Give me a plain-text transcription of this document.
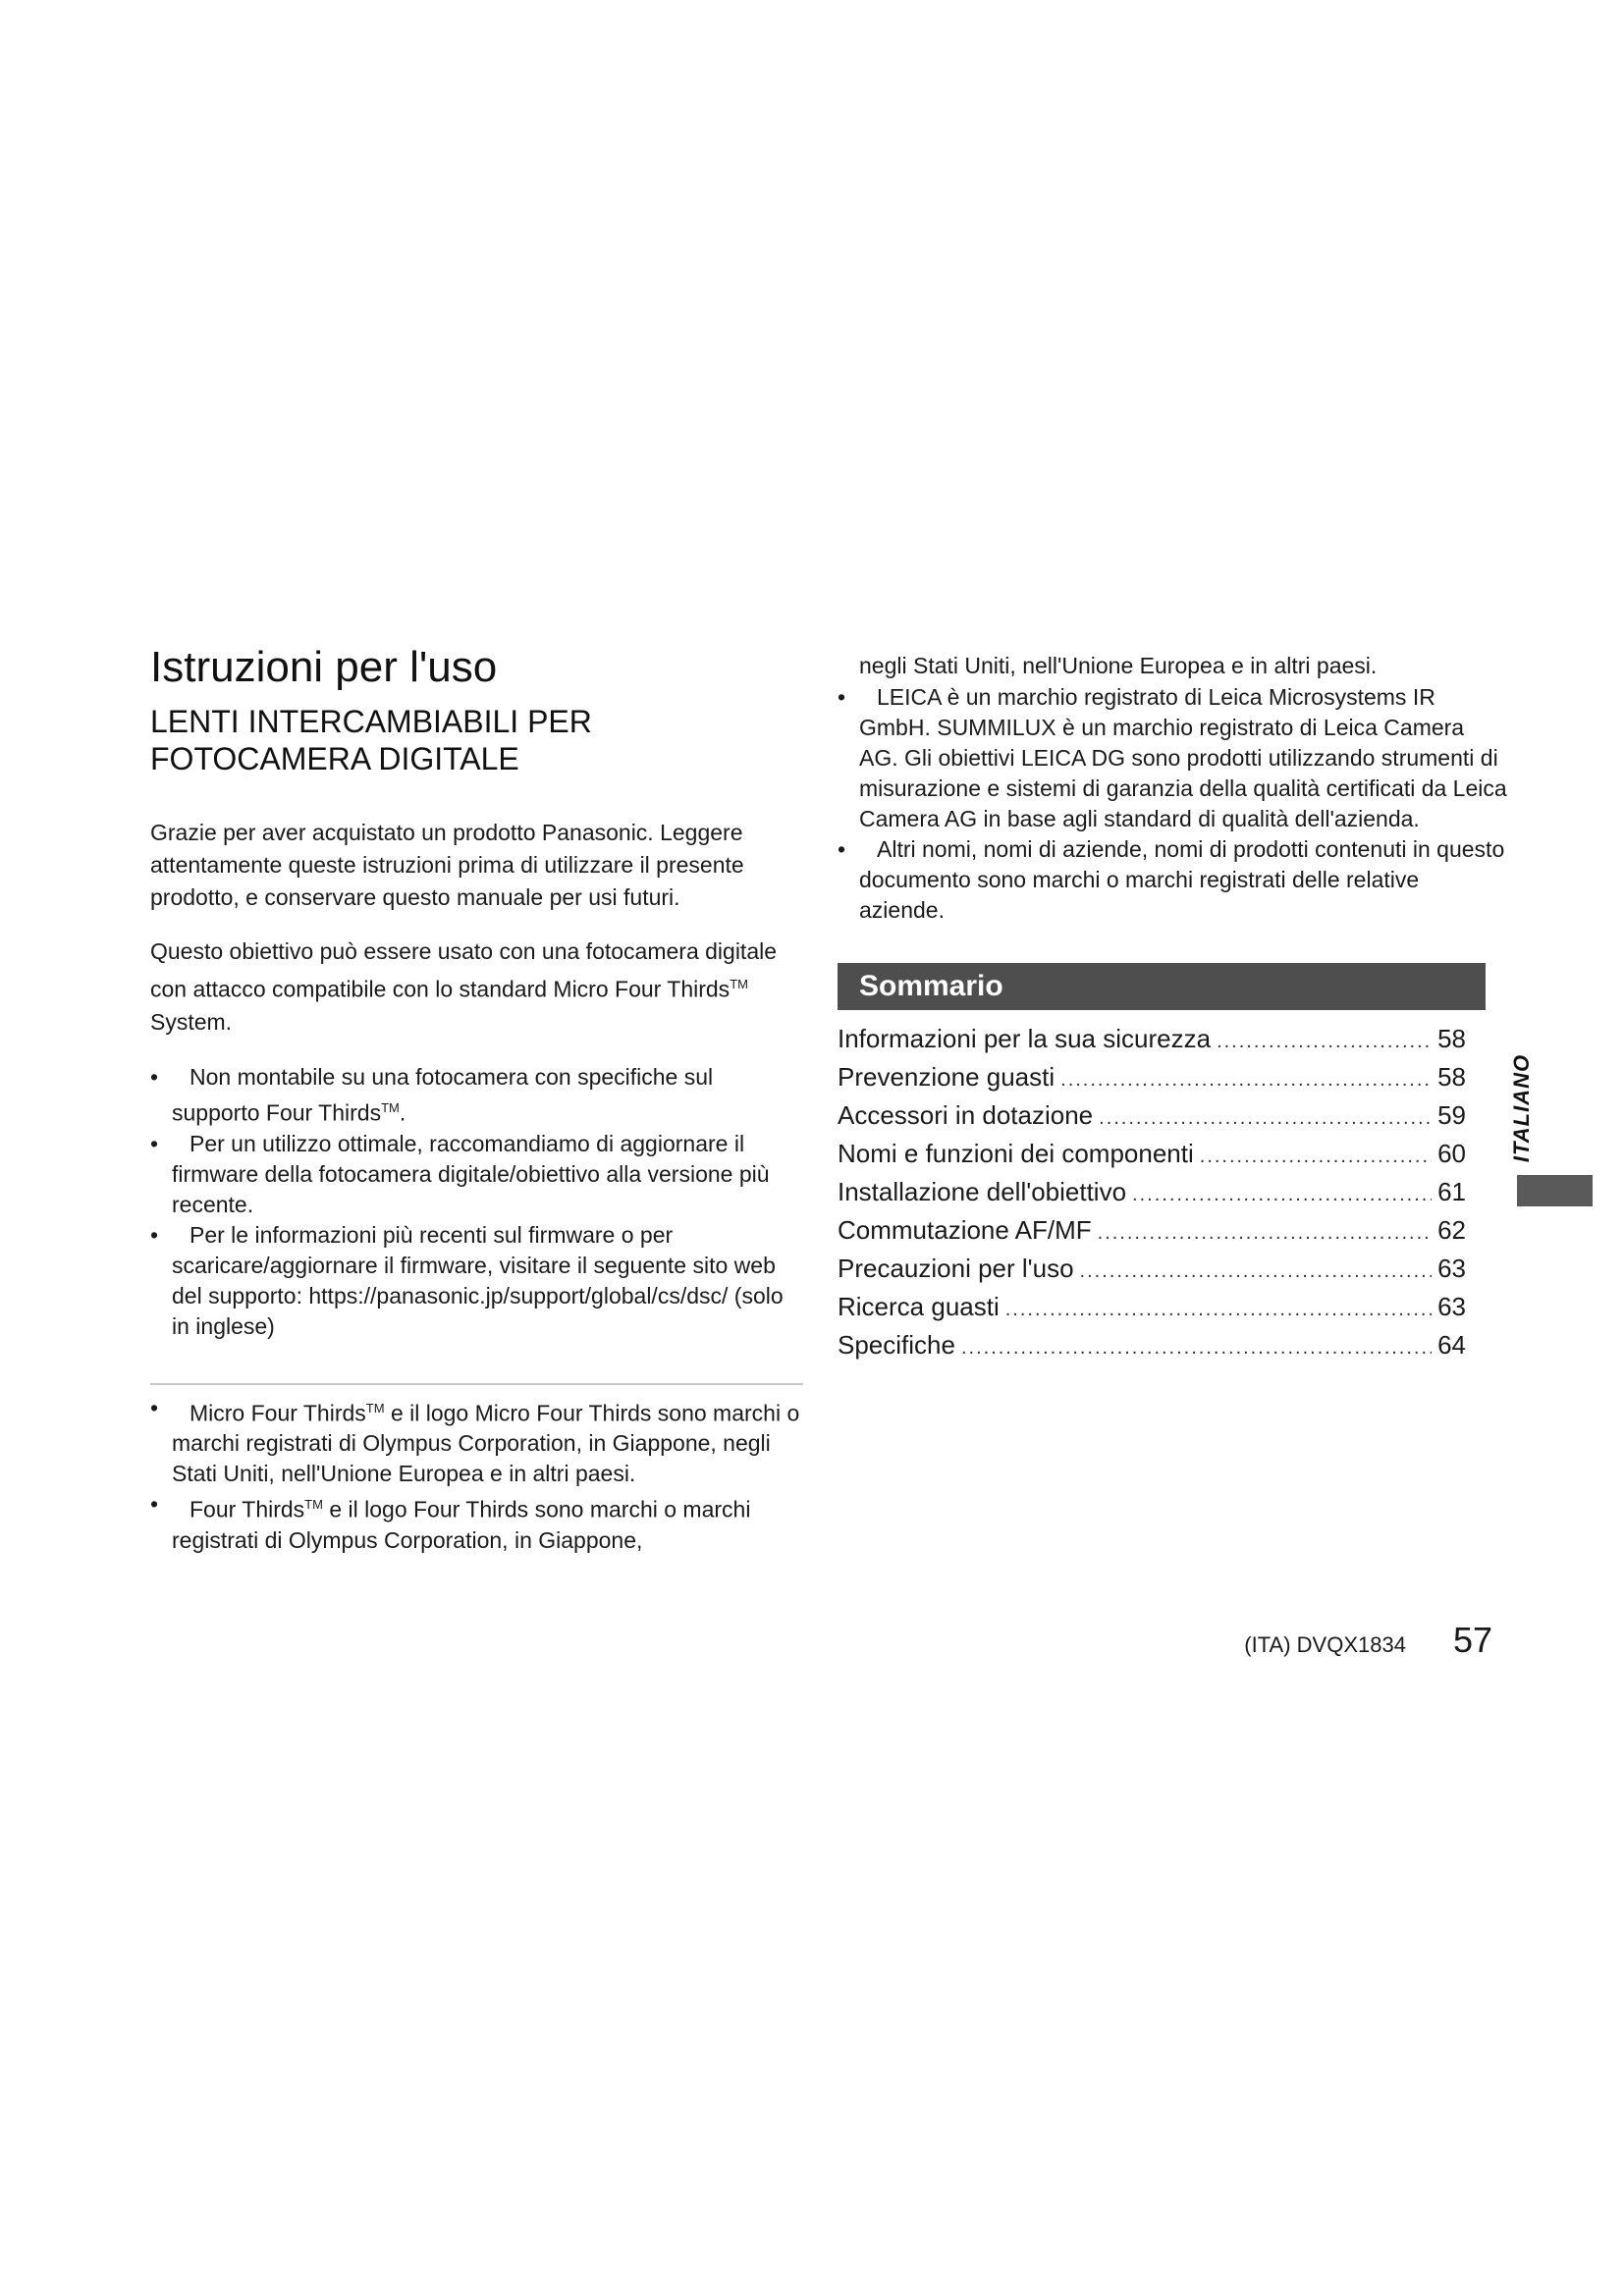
Istruzioni per l'uso
LENTI INTERCAMBIABILI PER FOTOCAMERA DIGITALE

Grazie per aver acquistato un prodotto Panasonic. Leggere attentamente queste istruzioni prima di utilizzare il presente prodotto, e conservare questo manuale per usi futuri.

Questo obiettivo può essere usato con una fotocamera digitale con attacco compatibile con lo standard Micro Four Thirds™ System.

•	Non montabile su una fotocamera con specifiche sul supporto Four Thirds™.
•	Per un utilizzo ottimale, raccomandiamo di aggiornare il firmware della fotocamera digitale/obiettivo alla versione più recente.
•	Per le informazioni più recenti sul firmware o per scaricare/aggiornare il firmware, visitare il seguente sito web del supporto: https://panasonic.jp/support/global/cs/dsc/ (solo in inglese)
•	Micro Four Thirds™ e il logo Micro Four Thirds sono marchi o marchi registrati di Olympus Corporation, in Giappone, negli Stati Uniti, nell'Unione Europea e in altri paesi.
•	Four Thirds™ e il logo Four Thirds sono marchi o marchi registrati di Olympus Corporation, in Giappone,

negli Stati Uniti, nell'Unione Europea e in altri paesi.

•	LEICA è un marchio registrato di Leica Microsystems IR GmbH. SUMMILUX è un marchio registrato di Leica Camera AG. Gli obiettivi LEICA DG sono prodotti utilizzando strumenti di misurazione e sistemi di garanzia della qualità certificati da Leica Camera AG in base agli standard di qualità dell'azienda.
•	Altri nomi, nomi di aziende, nomi di prodotti contenuti in questo documento sono marchi o marchi registrati delle relative aziende.
Sommario
Informazioni per la sua sicurezza .....	58
Prevenzione guasti .....	58
Accessori in dotazione .....	59
Nomi e funzioni dei componenti .....	60
Installazione dell'obiettivo .....	61
Commutazione AF/MF .....	62
Precauzioni per l'uso .....	63
Ricerca guasti .....	63
Specifiche .....	64
ITALIANO
(ITA) DVQX1834 57
